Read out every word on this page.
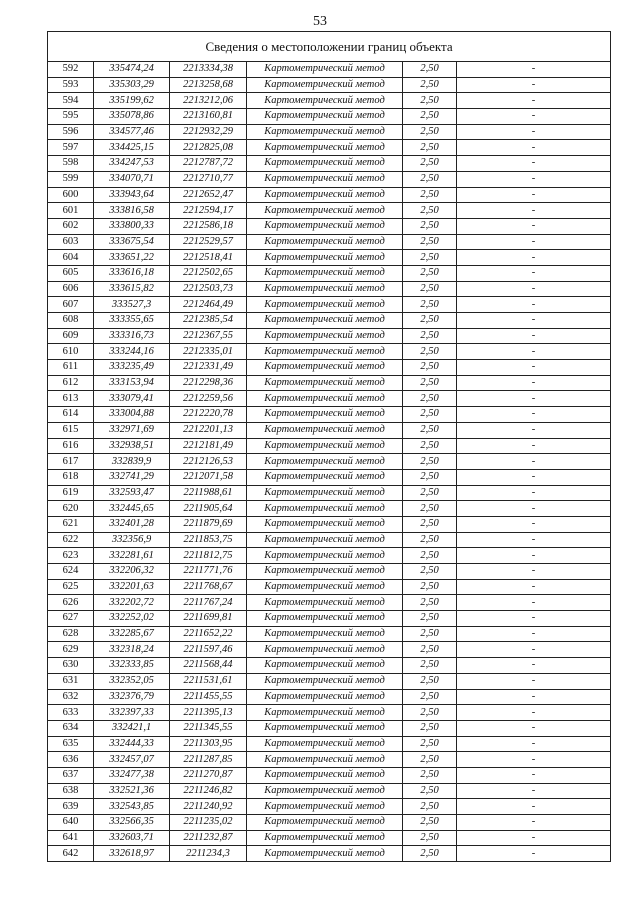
53
Сведения о местоположении границ объекта					
592	335474,24	2213334,38	Картометрический метод	2,50	-
593	335303,29	2213258,68	Картометрический метод	2,50	-
594	335199,62	2213212,06	Картометрический метод	2,50	-
595	335078,86	2213160,81	Картометрический метод	2,50	-
596	334577,46	2212932,29	Картометрический метод	2,50	-
597	334425,15	2212825,08	Картометрический метод	2,50	-
598	334247,53	2212787,72	Картометрический метод	2,50	-
599	334070,71	2212710,77	Картометрический метод	2,50	-
600	333943,64	2212652,47	Картометрический метод	2,50	-
601	333816,58	2212594,17	Картометрический метод	2,50	-
602	333800,33	2212586,18	Картометрический метод	2,50	-
603	333675,54	2212529,57	Картометрический метод	2,50	-
604	333651,22	2212518,41	Картометрический метод	2,50	-
605	333616,18	2212502,65	Картометрический метод	2,50	-
606	333615,82	2212503,73	Картометрический метод	2,50	-
607	333527,3	2212464,49	Картометрический метод	2,50	-
608	333355,65	2212385,54	Картометрический метод	2,50	-
609	333316,73	2212367,55	Картометрический метод	2,50	-
610	333244,16	2212335,01	Картометрический метод	2,50	-
611	333235,49	2212331,49	Картометрический метод	2,50	-
612	333153,94	2212298,36	Картометрический метод	2,50	-
613	333079,41	2212259,56	Картометрический метод	2,50	-
614	333004,88	2212220,78	Картометрический метод	2,50	-
615	332971,69	2212201,13	Картометрический метод	2,50	-
616	332938,51	2212181,49	Картометрический метод	2,50	-
617	332839,9	2212126,53	Картометрический метод	2,50	-
618	332741,29	2212071,58	Картометрический метод	2,50	-
619	332593,47	2211988,61	Картометрический метод	2,50	-
620	332445,65	2211905,64	Картометрический метод	2,50	-
621	332401,28	2211879,69	Картометрический метод	2,50	-
622	332356,9	2211853,75	Картометрический метод	2,50	-
623	332281,61	2211812,75	Картометрический метод	2,50	-
624	332206,32	2211771,76	Картометрический метод	2,50	-
625	332201,63	2211768,67	Картометрический метод	2,50	-
626	332202,72	2211767,24	Картометрический метод	2,50	-
627	332252,02	2211699,81	Картометрический метод	2,50	-
628	332285,67	2211652,22	Картометрический метод	2,50	-
629	332318,24	2211597,46	Картометрический метод	2,50	-
630	332333,85	2211568,44	Картометрический метод	2,50	-
631	332352,05	2211531,61	Картометрический метод	2,50	-
632	332376,79	2211455,55	Картометрический метод	2,50	-
633	332397,33	2211395,13	Картометрический метод	2,50	-
634	332421,1	2211345,55	Картометрический метод	2,50	-
635	332444,33	2211303,95	Картометрический метод	2,50	-
636	332457,07	2211287,85	Картометрический метод	2,50	-
637	332477,38	2211270,87	Картометрический метод	2,50	-
638	332521,36	2211246,82	Картометрический метод	2,50	-
639	332543,85	2211240,92	Картометрический метод	2,50	-
640	332566,35	2211235,02	Картометрический метод	2,50	-
641	332603,71	2211232,87	Картометрический метод	2,50	-
642	332618,97	2211234,3	Картометрический метод	2,50	-
